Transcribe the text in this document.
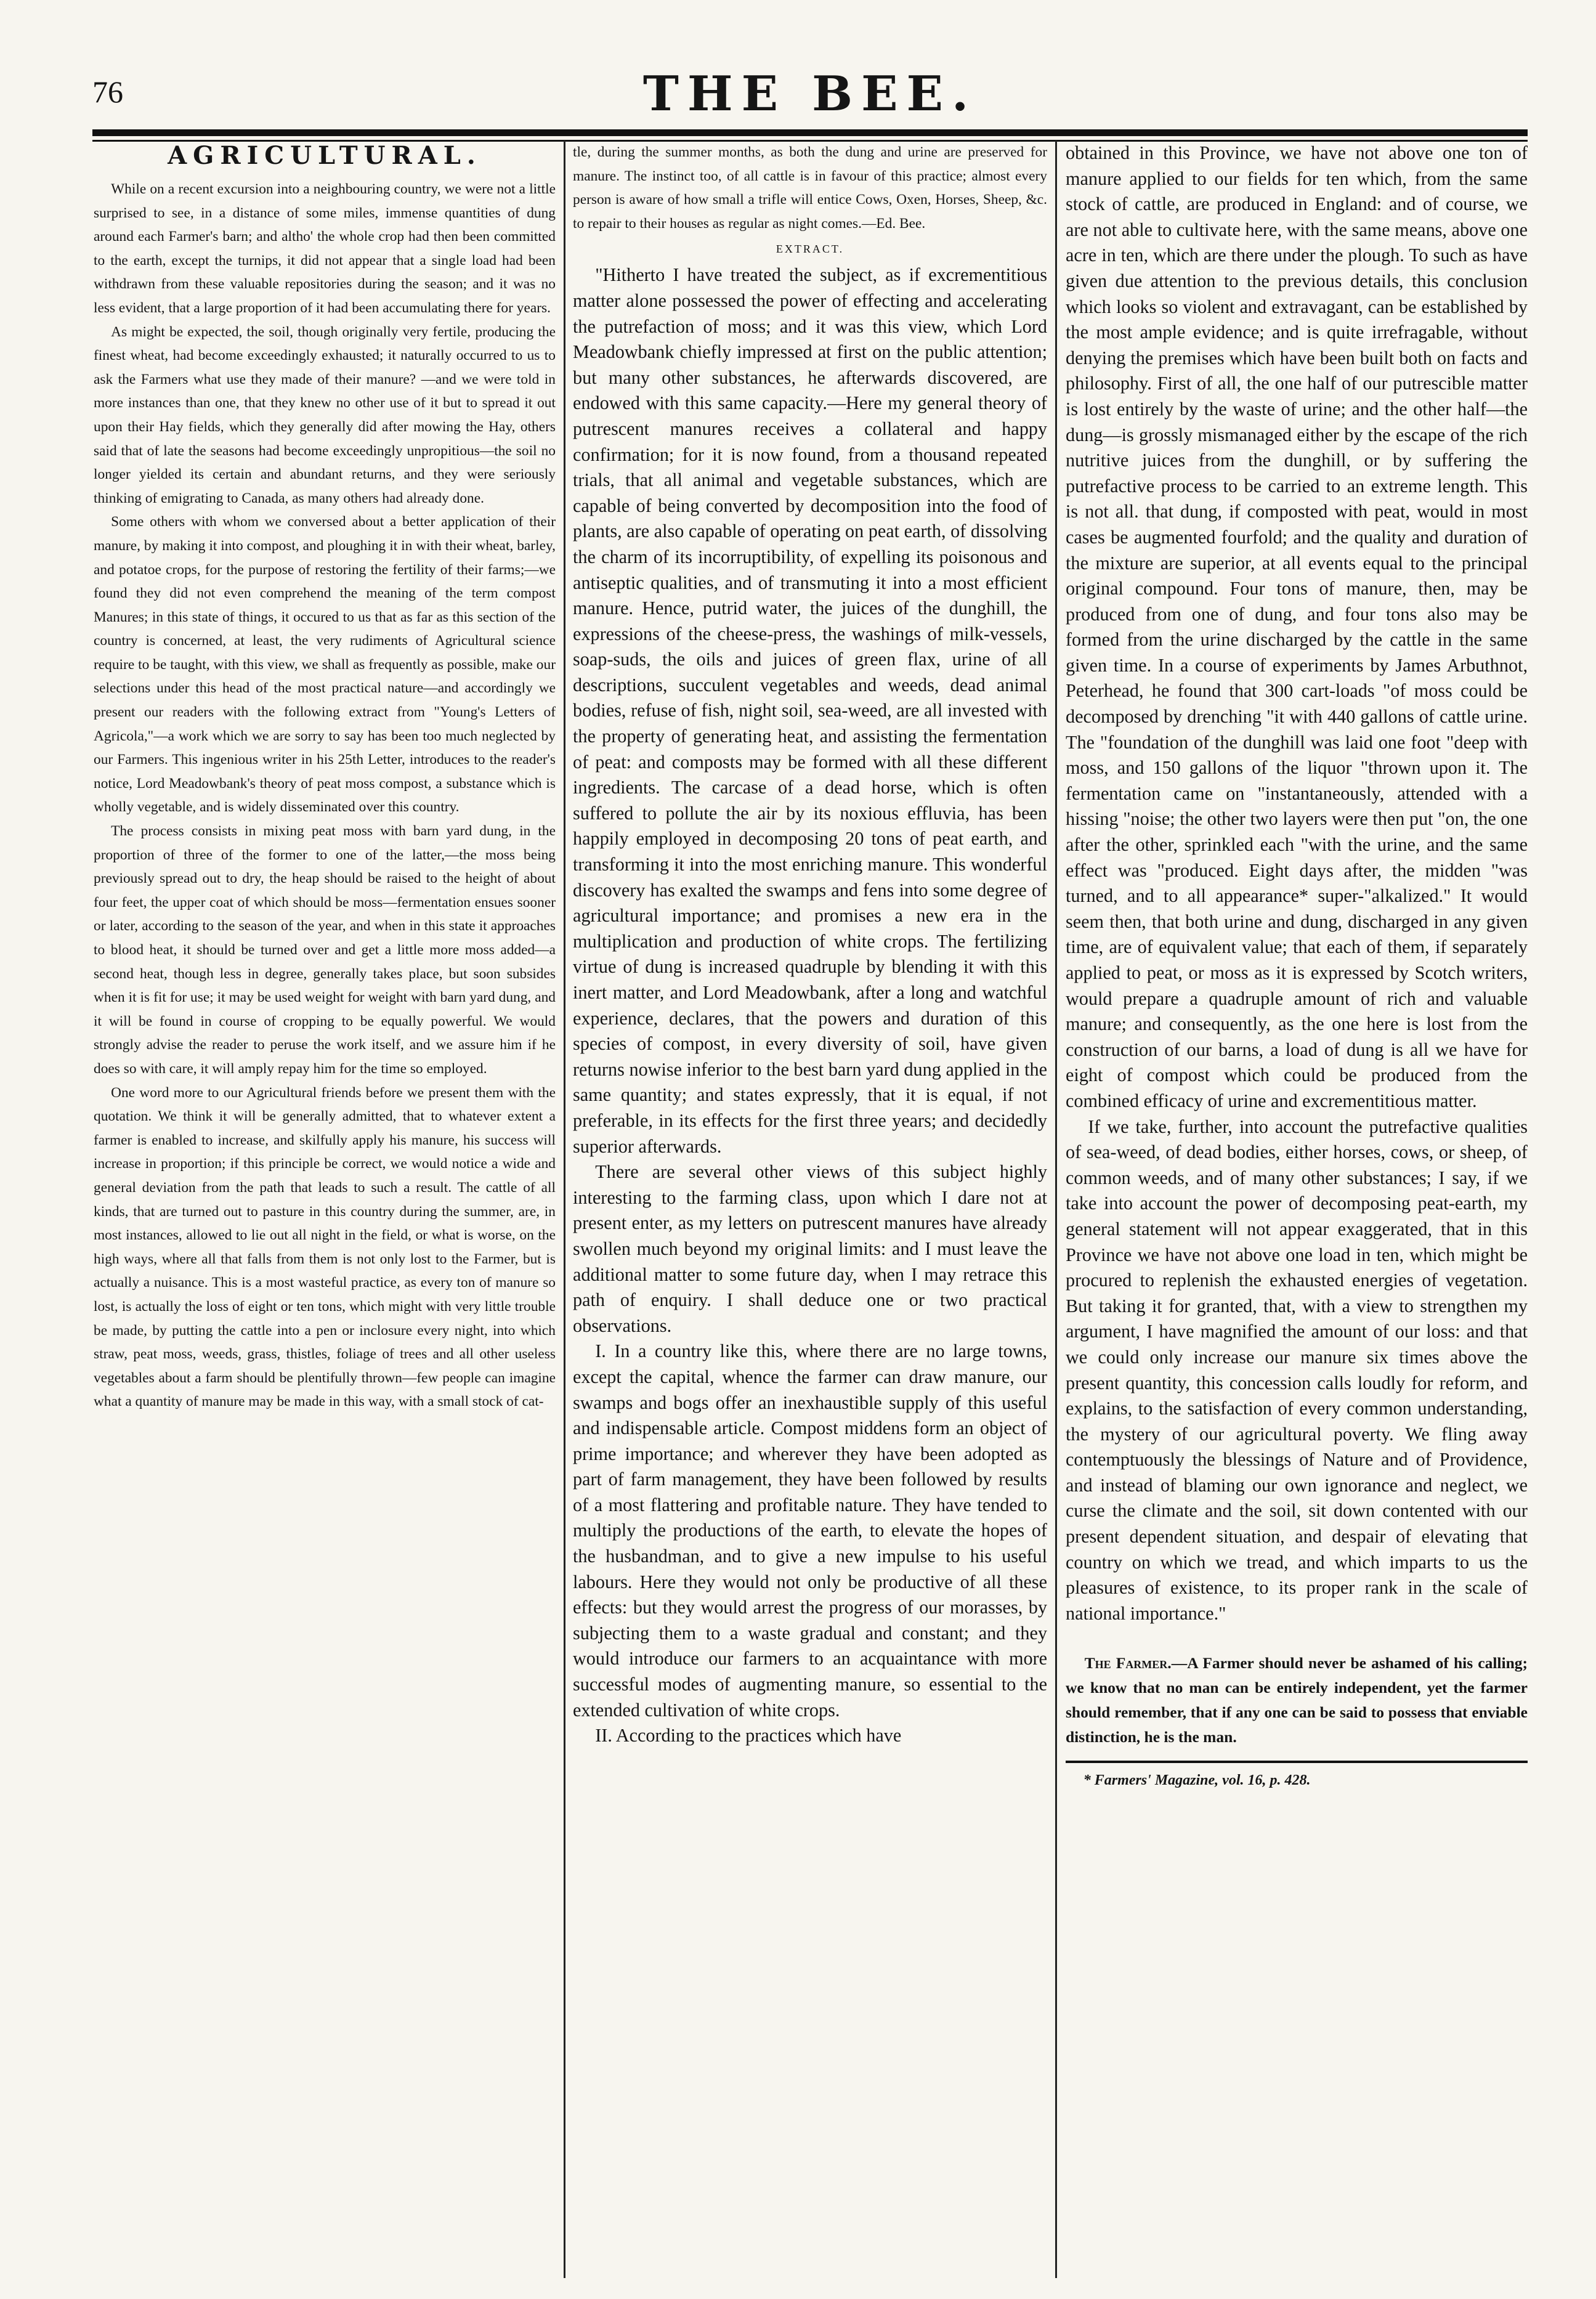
76	THE BEE.
AGRICULTURAL.

While on a recent excursion into a neighbouring country, we were not a little surprised to see, in a distance of some miles, immense quantities of dung around each Farmer's barn; and altho' the whole crop had then been committed to the earth, except the turnips, it did not appear that a single load had been withdrawn from these valuable repositories during the season; and it was no less evident, that a large proportion of it had been accumulating there for years.

As might be expected, the soil, though originally very fertile, producing the finest wheat, had become exceedingly exhausted; it naturally occurred to us to ask the Farmers what use they made of their manure? —and we were told in more instances than one, that they knew no other use of it but to spread it out upon their Hay fields, which they generally did after mowing the Hay, others said that of late the seasons had become exceedingly unpropitious—the soil no longer yielded its certain and abundant returns, and they were seriously thinking of emigrating to Canada, as many others had already done.

Some others with whom we conversed about a better application of their manure, by making it into compost, and ploughing it in with their wheat, barley, and potatoe crops, for the purpose of restoring the fertility of their farms;—we found they did not even comprehend the meaning of the term compost Manures; in this state of things, it occured to us that as far as this section of the country is concerned, at least, the very rudiments of Agricultural science require to be taught, with this view, we shall as frequently as possible, make our selections under this head of the most practical nature—and accordingly we present our readers with the following extract from "Young's Letters of Agricola,"—a work which we are sorry to say has been too much neglected by our Farmers. This ingenious writer in his 25th Letter, introduces to the reader's notice, Lord Meadowbank's theory of peat moss compost, a substance which is wholly vegetable, and is widely disseminated over this country.

The process consists in mixing peat moss with barn yard dung, in the proportion of three of the former to one of the latter,—the moss being previously spread out to dry, the heap should be raised to the height of about four feet, the upper coat of which should be moss—fermentation ensues sooner or later, according to the season of the year, and when in this state it approaches to blood heat, it should be turned over and get a little more moss added—a second heat, though less in degree, generally takes place, but soon subsides when it is fit for use; it may be used weight for weight with barn yard dung, and it will be found in course of cropping to be equally powerful. We would strongly advise the reader to peruse the work itself, and we assure him if he does so with care, it will amply repay him for the time so employed.

One word more to our Agricultural friends before we present them with the quotation. We think it will be generally admitted, that to whatever extent a farmer is enabled to increase, and skilfully apply his manure, his success will increase in proportion; if this principle be correct, we would notice a wide and general deviation from the path that leads to such a result. The cattle of all kinds, that are turned out to pasture in this country during the summer, are, in most instances, allowed to lie out all night in the field, or what is worse, on the high ways, where all that falls from them is not only lost to the Farmer, but is actually a nuisance. This is a most wasteful practice, as every ton of manure so lost, is actually the loss of eight or ten tons, which might with very little trouble be made, by putting the cattle into a pen or inclosure every night, into which straw, peat moss, weeds, grass, thistles, foliage of trees and all other useless vegetables about a farm should be plentifully thrown—few people can imagine what a quantity of manure may be made in this way, with a small stock of cat-

tle, during the summer months, as both the dung and urine are preserved for manure. The instinct too, of all cattle is in favour of this practice; almost every person is aware of how small a trifle will entice Cows, Oxen, Horses, Sheep, &c. to repair to their houses as regular as night comes.—Ed. Bee.

EXTRACT.

"Hitherto I have treated the subject, as if excrementitious matter alone possessed the power of effecting and accelerating the putrefaction of moss; and it was this view, which Lord Meadowbank chiefly impressed at first on the public attention; but many other substances, he afterwards discovered, are endowed with this same capacity.—Here my general theory of putrescent manures receives a collateral and happy confirmation; for it is now found, from a thousand repeated trials, that all animal and vegetable substances, which are capable of being converted by decomposition into the food of plants, are also capable of operating on peat earth, of dissolving the charm of its incorruptibility, of expelling its poisonous and antiseptic qualities, and of transmuting it into a most efficient manure. Hence, putrid water, the juices of the dunghill, the expressions of the cheese-press, the washings of milk-vessels, soap-suds, the oils and juices of green flax, urine of all descriptions, succulent vegetables and weeds, dead animal bodies, refuse of fish, night soil, sea-weed, are all invested with the property of generating heat, and assisting the fermentation of peat: and composts may be formed with all these different ingredients. The carcase of a dead horse, which is often suffered to pollute the air by its noxious effluvia, has been happily employed in decomposing 20 tons of peat earth, and transforming it into the most enriching manure. This wonderful discovery has exalted the swamps and fens into some degree of agricultural importance; and promises a new era in the multiplication and production of white crops. The fertilizing virtue of dung is increased quadruple by blending it with this inert matter, and Lord Meadowbank, after a long and watchful experience, declares, that the powers and duration of this species of compost, in every diversity of soil, have given returns nowise inferior to the best barn yard dung applied in the same quantity; and states expressly, that it is equal, if not preferable, in its effects for the first three years; and decidedly superior afterwards.

There are several other views of this subject highly interesting to the farming class, upon which I dare not at present enter, as my letters on putrescent manures have already swollen much beyond my original limits: and I must leave the additional matter to some future day, when I may retrace this path of enquiry. I shall deduce one or two practical observations.

I. In a country like this, where there are no large towns, except the capital, whence the farmer can draw manure, our swamps and bogs offer an inexhaustible supply of this useful and indispensable article. Compost middens form an object of prime importance; and wherever they have been adopted as part of farm management, they have been followed by results of a most flattering and profitable nature. They have tended to multiply the productions of the earth, to elevate the hopes of the husbandman, and to give a new impulse to his useful labours. Here they would not only be productive of all these effects: but they would arrest the progress of our morasses, by subjecting them to a waste gradual and constant; and they would introduce our farmers to an acquaintance with more successful modes of augmenting manure, so essential to the extended cultivation of white crops.

II. According to the practices which have

obtained in this Province, we have not above one ton of manure applied to our fields for ten which, from the same stock of cattle, are produced in England: and of course, we are not able to cultivate here, with the same means, above one acre in ten, which are there under the plough. To such as have given due attention to the previous details, this conclusion which looks so violent and extravagant, can be established by the most ample evidence; and is quite irrefragable, without denying the premises which have been built both on facts and philosophy. First of all, the one half of our putrescible matter is lost entirely by the waste of urine; and the other half—the dung—is grossly mismanaged either by the escape of the rich nutritive juices from the dunghill, or by suffering the putrefactive process to be carried to an extreme length. This is not all. that dung, if composted with peat, would in most cases be augmented fourfold; and the quality and duration of the mixture are superior, at all events equal to the principal original compound. Four tons of manure, then, may be produced from one of dung, and four tons also may be formed from the urine discharged by the cattle in the same given time. In a course of experiments by James Arbuthnot, Peterhead, he found that 300 cart-loads "of moss could be decomposed by drenching "it with 440 gallons of cattle urine. The "foundation of the dunghill was laid one foot "deep with moss, and 150 gallons of the liquor "thrown upon it. The fermentation came on "instantaneously, attended with a hissing "noise; the other two layers were then put "on, the one after the other, sprinkled each "with the urine, and the same effect was "produced. Eight days after, the midden "was turned, and to all appearance* super-"alkalized." It would seem then, that both urine and dung, discharged in any given time, are of equivalent value; that each of them, if separately applied to peat, or moss as it is expressed by Scotch writers, would prepare a quadruple amount of rich and valuable manure; and consequently, as the one here is lost from the construction of our barns, a load of dung is all we have for eight of compost which could be produced from the combined efficacy of urine and excrementitious matter.

If we take, further, into account the putrefactive qualities of sea-weed, of dead bodies, either horses, cows, or sheep, of common weeds, and of many other substances; I say, if we take into account the power of decomposing peat-earth, my general statement will not appear exaggerated, that in this Province we have not above one load in ten, which might be procured to replenish the exhausted energies of vegetation. But taking it for granted, that, with a view to strengthen my argument, I have magnified the amount of our loss: and that we could only increase our manure six times above the present quantity, this concession calls loudly for reform, and explains, to the satisfaction of every common understanding, the mystery of our agricultural poverty. We fling away contemptuously the blessings of Nature and of Providence, and instead of blaming our own ignorance and neglect, we curse the climate and the soil, sit down contented with our present dependent situation, and despair of elevating that country on which we tread, and which imparts to us the pleasures of existence, to its proper rank in the scale of national importance."

The Farmer.—A Farmer should never be ashamed of his calling; we know that no man can be entirely independent, yet the farmer should remember, that if any one can be said to possess that enviable distinction, he is the man.

* Farmers' Magazine, vol. 16, p. 428.
